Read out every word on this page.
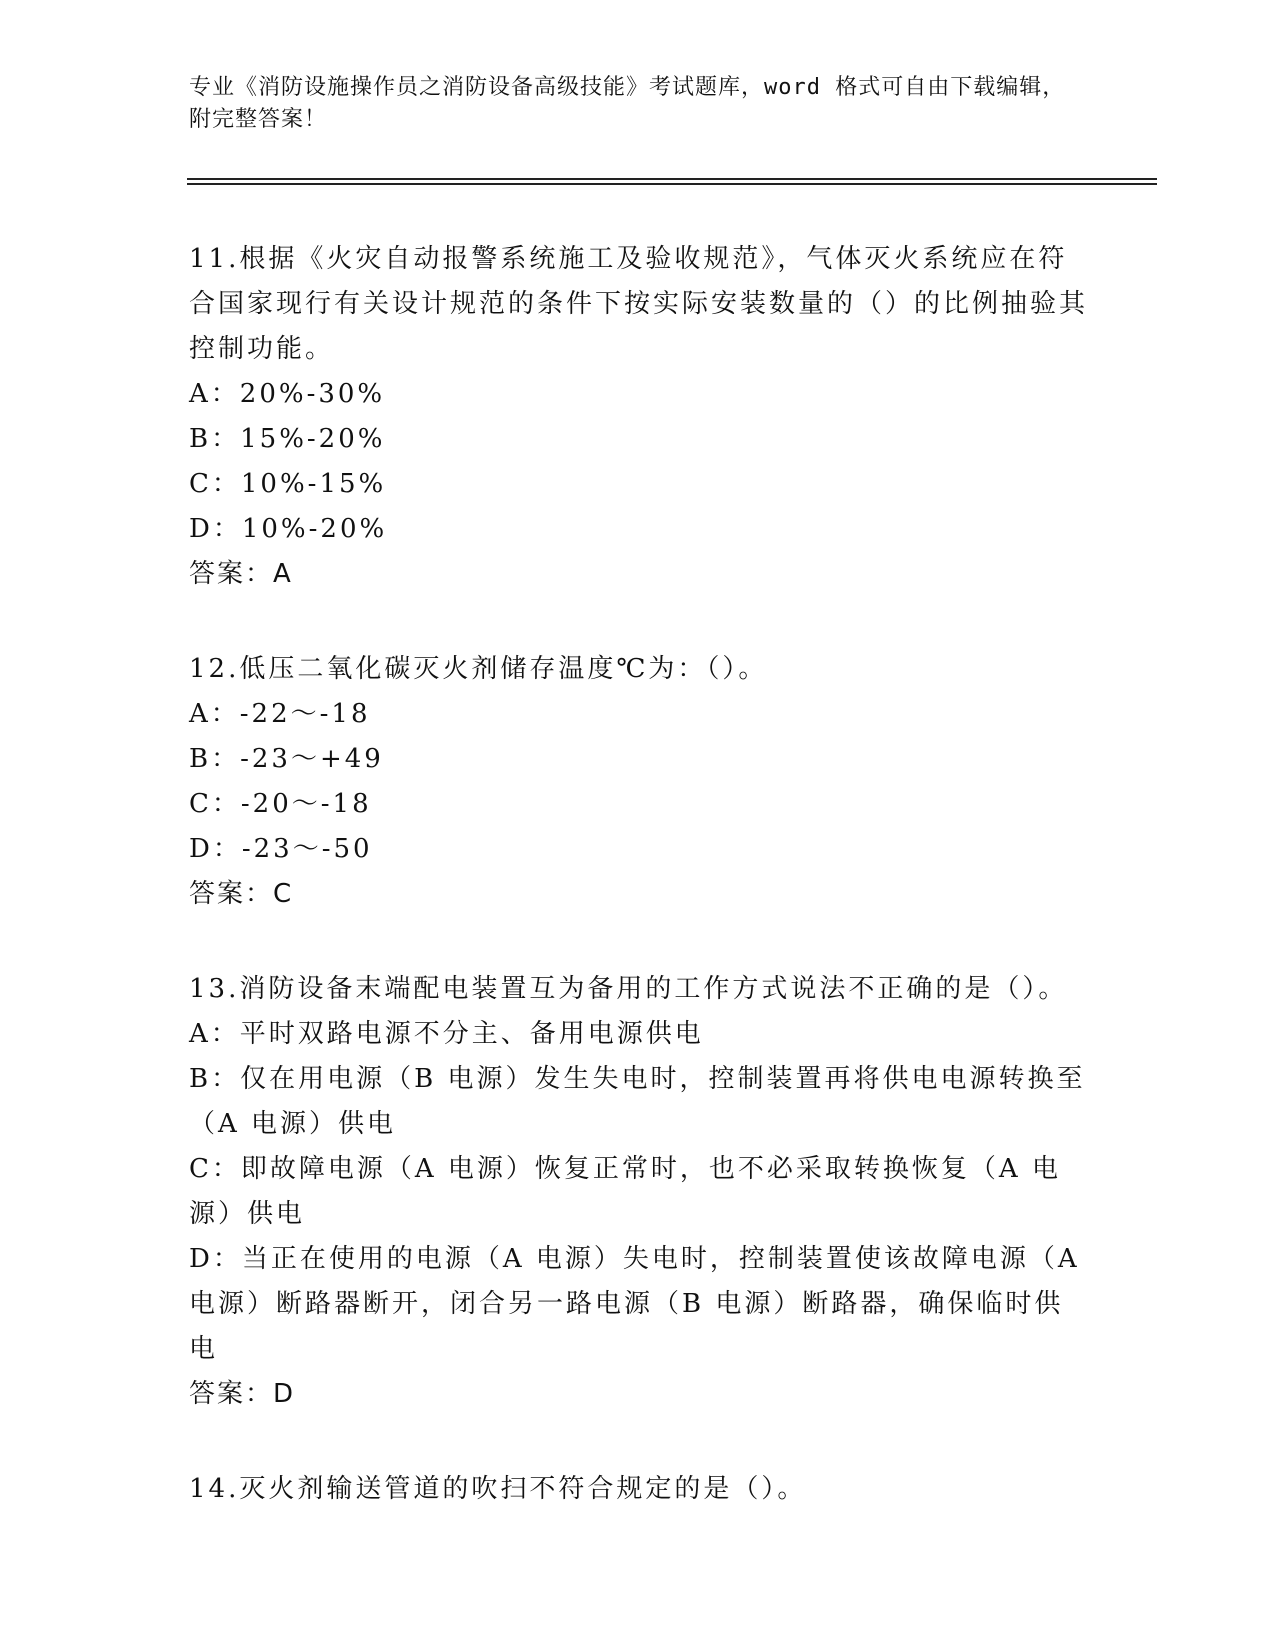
专业《消防设施操作员之消防设备高级技能》考试题库，word 格式可自由下载编辑，附完整答案！

11.根据《火灾自动报警系统施工及验收规范》，气体灭火系统应在符合国家现行有关设计规范的条件下按实际安装数量的（）的比例抽验其控制功能。

A：20%-30%

B：15%-20%

C：10%-15%

D：10%-20%

答案：A

12.低压二氧化碳灭火剂储存温度℃为：（）。

A：-22～-18

B：-23～+49

C：-20～-18

D：-23～-50

答案：C

13.消防设备末端配电装置互为备用的工作方式说法不正确的是（）。

A：平时双路电源不分主、备用电源供电

B：仅在用电源（B 电源）发生失电时，控制装置再将供电电源转换至（A 电源）供电

C：即故障电源（A 电源）恢复正常时，也不必采取转换恢复（A 电源）供电

D：当正在使用的电源（A 电源）失电时，控制装置使该故障电源（A 电源）断路器断开，闭合另一路电源（B 电源）断路器，确保临时供电

答案：D

14.灭火剂输送管道的吹扫不符合规定的是（）。
